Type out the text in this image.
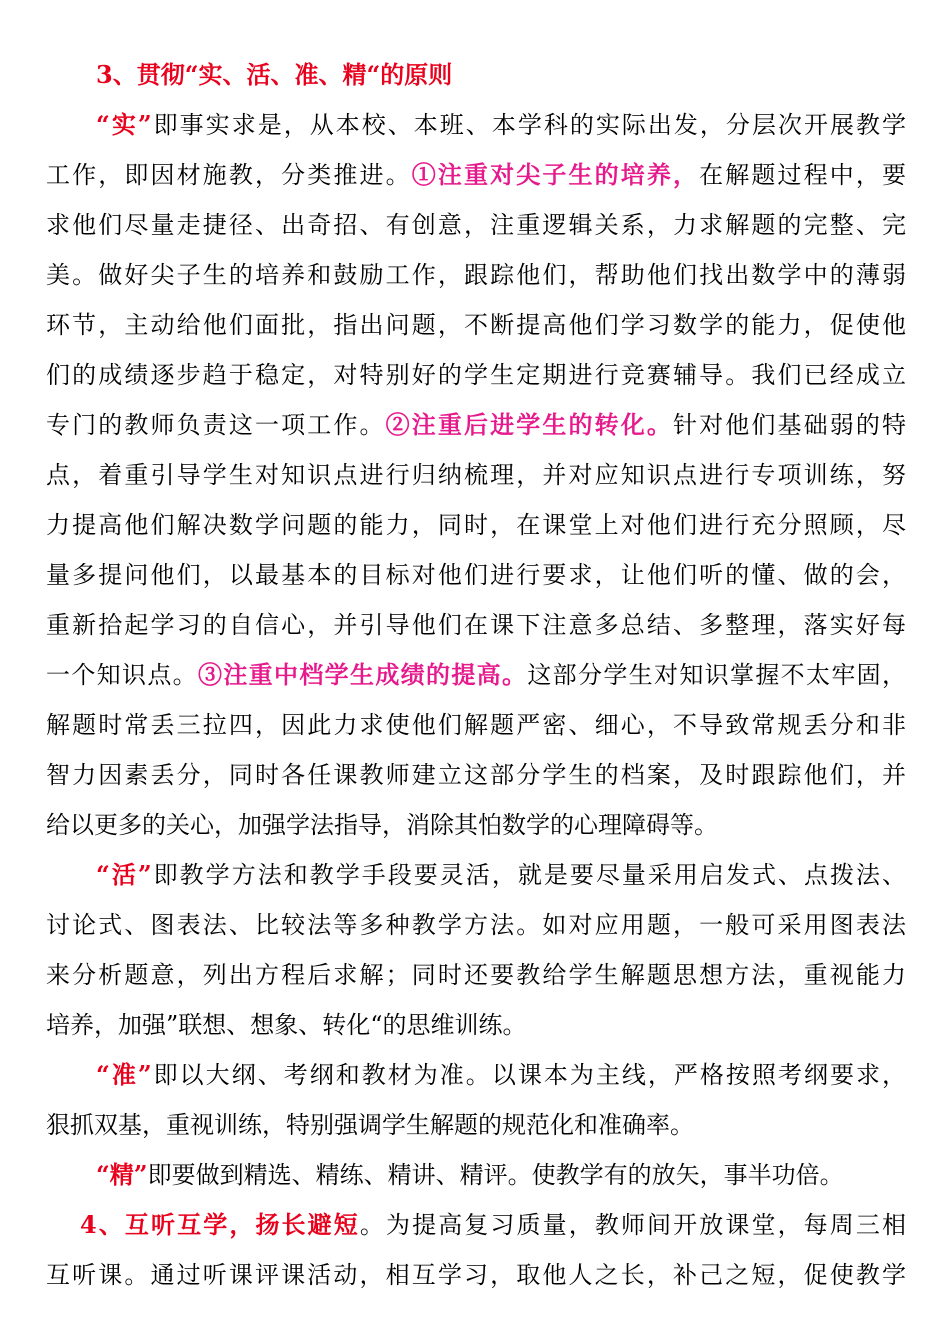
3、贯彻“实、活、准、精“的原则
“实”即事实求是，从本校、本班、本学科的实际出发，分层次开展教学
工作，即因材施教，分类推进。①注重对尖子生的培养，在解题过程中，要
求他们尽量走捷径、出奇招、有创意，注重逻辑关系，力求解题的完整、完
美。做好尖子生的培养和鼓励工作，跟踪他们，帮助他们找出数学中的薄弱
环节，主动给他们面批，指出问题，不断提高他们学习数学的能力，促使他
们的成绩逐步趋于稳定，对特别好的学生定期进行竞赛辅导。我们已经成立
专门的教师负责这一项工作。②注重后进学生的转化。针对他们基础弱的特
点，着重引导学生对知识点进行归纳梳理，并对应知识点进行专项训练，努
力提高他们解决数学问题的能力，同时，在课堂上对他们进行充分照顾，尽
量多提问他们，以最基本的目标对他们进行要求，让他们听的懂、做的会，
重新拾起学习的自信心，并引导他们在课下注意多总结、多整理，落实好每
一个知识点。③注重中档学生成绩的提高。这部分学生对知识掌握不太牢固，
解题时常丢三拉四，因此力求使他们解题严密、细心，不导致常规丢分和非
智力因素丢分，同时各任课教师建立这部分学生的档案，及时跟踪他们，并
给以更多的关心，加强学法指导，消除其怕数学的心理障碍等。
“活”即教学方法和教学手段要灵活，就是要尽量采用启发式、点拨法、
讨论式、图表法、比较法等多种教学方法。如对应用题，一般可采用图表法
来分析题意，列出方程后求解；同时还要教给学生解题思想方法，重视能力
培养，加强”联想、想象、转化“的思维训练。
“准”即以大纲、考纲和教材为准。以课本为主线，严格按照考纲要求，
狠抓双基，重视训练，特别强调学生解题的规范化和准确率。
“精”即要做到精选、精练、精讲、精评。使教学有的放矢，事半功倍。
4、互听互学，扬长避短。为提高复习质量，教师间开放课堂，每周三相
互听课。通过听课评课活动，相互学习，取他人之长，补己之短，促使教学
